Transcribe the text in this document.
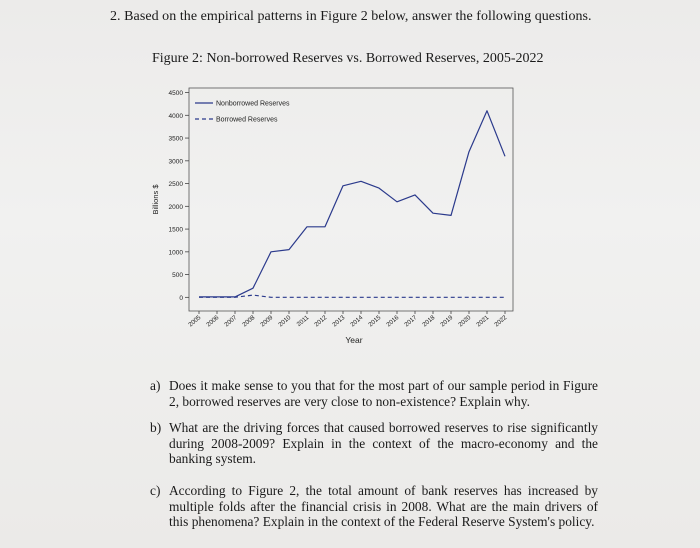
2. Based on the empirical patterns in Figure 2 below, answer the following questions.
Figure 2: Non-borrowed Reserves vs. Borrowed Reserves, 2005-2022
4500
4000
3500
3000
2500
2000
1500
1000
500
0
Billions $
2005 2006 2007 2008 2009 2010 2011 2012 2013 2014 2015 2016 2017 2018 2019 2020 2021 2022
Year
Nonborrowed Reserves
Borrowed Reserves
a) Does it make sense to you that for the most part of our sample period in Figure 2, borrowed reserves are very close to non-existence? Explain why.
b) What are the driving forces that caused borrowed reserves to rise significantly during 2008-2009? Explain in the context of the macro-economy and the banking system.
c) According to Figure 2, the total amount of bank reserves has increased by multiple folds after the financial crisis in 2008. What are the main drivers of this phenomena? Explain in the context of the Federal Reserve System's policy.
